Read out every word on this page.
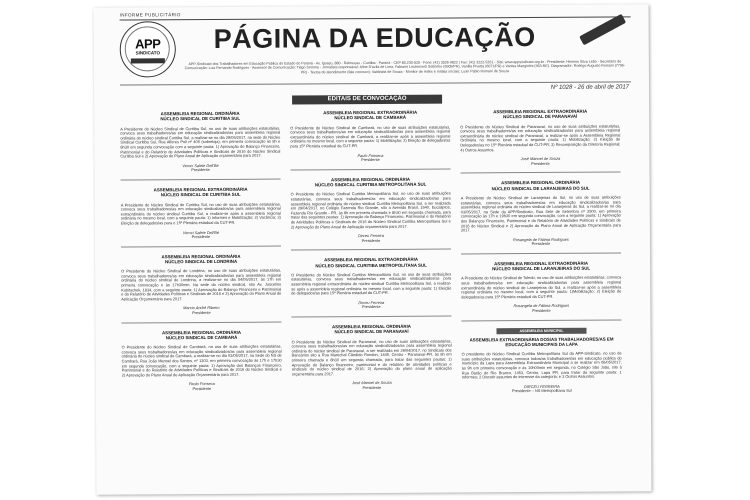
INFORME PUBLICITÁRIO
APP
SINDICATO	PÁGINA DA EDUCAÇÃO
APP-Sindicato dos Trabalhadores em Educação Pública do Estado do Paraná - Av. Iguaçu, 880 - Rebouças - Curitiba - Paraná - CEP 80.230-020 - Fone: (41) 3026-9822 | Fax: (41) 3222-5261 - Site: www.appsindicato.org.br - Presidente: Hermes Silva Leão - Secretário de Comunicação: Luiz Fernando Rodrigues - Assessor de Comunicação: Tiago Somma - Jornalista responsável: Aline D'avila de Lima, Fabiane Leutemonti Sobrinho (6505/PR), Vanilla Pivetta (6071/PR) e Vanisa Mangiolini (963-RE). Diagramador: Rodrigo Augusto Romani (7796-PR) - Textos de atendimento (fale conosco): Valdinéia de Souza - Monitor de redes e mídias sociais: Luan Pablo Romani de Souza
Nº 1028 - 26 de abril de 2017
EDITAIS DE CONVOCAÇÃO
ASSEMBLEIA REGIONAL ORDINÁRIA
NÚCLEO SINDICAL DE CURITIBA SUL

A Presidente do Núcleo Sindical de Curitiba Sul, no uso de suas atribuições estatutárias, convoca seus trabalhadores/as em educação sindicalizados/as para assembleia regional ordinária do núcleo sindical Curitiba Sul, a realizar-se no dia 29/05/2017, na sede do Núcleo Sindical Curitiba Sul, Rua Alferes Poli nº 405 (sobreloja), em primeira convocação às 8h e 8h30 em segunda convocação com a seguinte pauta: 1) Aprovação do Balanço Financeiro, Patrimonial e do Relatório de Atividades Políticas e Sindicais de 2016 do Núcleo Sindical Curitiba Sul e 2) Aprovação do Plano Anual de Aplicação orçamentária para 2017.

Veroci Salete Dell'Bé
Presidente
ASSEMBLEIA REGIONAL EXTRAORDINÁRIA
NÚCLEO SINDICAL DE CURITIBA SUL

A Presidente do Núcleo Sindical de Curitiba Sul, no uso de suas atribuições estatutárias, convoca seus trabalhadores/as em educação sindicalizados/as para assembleia regional extraordinária do núcleo sindical Curitiba Sul, a realizar-se após a assembleia regional ordinária no mesmo local, com a seguinte pauta: 1) Informes e Mobilização; 2) Vacância; 3) Eleição de delegados/as para o 15º Plenária estadual da CUT-PR.

Veroci Salete Dell'Bé
Presidente
ASSEMBLEIA REGIONAL ORDINÁRIA
NÚCLEO SINDICAL DE LONDRINA

O Presidente do Núcleo Sindical de Londrina, no uso de suas atribuições estatutárias, convoca seus trabalhadores/as em educação sindicalizados/as para assembleia regional ordinária do núcleo sindical de Londrina, a realizar-se no dia 04/05/2017, às 17h em primeira convocação e às 17h30min. Na sede do núcleo sindical, sito Av. Juscelino Kubitschek, 1834, com a seguinte pauta: 1) Aprovação do Balanço Financeiro e Patrimonial e do Relatório de Atividades Políticas e Sindicais de 2016 e 2) Aprovação do Plano Anual de Aplicação Orçamentária para 2017.

Marcio André Ribeiro
Presidente
ASSEMBLEIA REGIONAL ORDINÁRIA
NÚCLEO SINDICAL DE CAMBARÁ

O Presidente do Núcleo Sindical de Cambará, no uso de suas atribuições estatutárias, convoca seus trabalhadores/as em educação sindicalizados/as para assembleia regional ordinária do núcleo sindical de Cambará, a realizar-se no dia 03/05/2017, na Sede do NS de Cambará, Rua João Manoel dos Santos, nº 1303, em primeira convocação às 17h e 17h30 em segunda convocação, com a seguinte pauta: 1) Aprovação dos Balanços Financeiro, Patrimonial e do Relatório de Atividades Políticas e Sindicais de 2016 do Núcleo Sindical e 2) Aprovação do Plano Anual de Aplicação Orçamentária para 2017.

Paulo Fonseca
Presidente
ASSEMBLEIA REGIONAL EXTRAORDINÁRIA
NÚCLEO SINDICAL DE CAMBARÁ

O Presidente do Núcleo Sindical de Cambará, no uso de suas atribuições estatutárias, convoca seus trabalhadores/as em educação sindicalizados/as para assembleia regional extraordinária do núcleo sindical de Cambará, a realizar-se após a assembleia regional ordinária no mesmo local, com a seguinte pauta: 1) Mobilização; 2) Eleição de delegados/as para 15º Plenária estadual da CUT-PR.

Paulo Fonseca
Presidente
ASSEMBLEIA REGIONAL ORDINÁRIA
NÚCLEO SINDICAL CURITIBA METROPOLITANA SUL

O Presidente do Núcleo Sindical Curitiba Metropolitana Sul, no uso de suas atribuições estatutárias, convoca seus trabalhadores/as em educação sindicalizados/as para assembleia regional ordinária do núcleo sindical Curitiba Metropolitana Sul, a ser realizada em 29/04/2017, no Colégio Fazenda Rio Grande, sito a Avenida Brasil, 1540, Eucaliptos, Fazenda Rio Grande - PR, às 8h em primeira chamada e 8h30 em segunda chamada, para tratar das seguintes pautas: 1) Aprovação do Balanço Financeiro, Patrimonial e do Relatório de Atividades Políticas e Sindicais de 2016 do Núcleo Sindical Curitiba Metropolitana Sul e 2) Aprovação do Plano Anual de Aplicação orçamentária para 2017.

Dirceu Ferreira
Presidente
ASSEMBLEIA REGIONAL EXTRAORDINÁRIA
NÚCLEO SINDICAL CURITIBA METROPOLITANA SUL

O Presidente do Núcleo Sindical Curitiba Metropolitana Sul, no uso de suas atribuições estatutárias, convoca seus trabalhadores/as em educação sindicalizados/as para assembleia regional extraordinária do núcleo sindical Curitiba Metropolitana Sul, a realizar-se após a assembleia regional ordinária no mesmo local, com a seguinte pauta: 1) Eleição de delegados/as para 15º Plenária estadual da CUT-PR.

Dirceu Ferreira
Presidente
ASSEMBLEIA REGIONAL ORDINÁRIA
NÚCLEO SINDICAL DE PARANAVAÍ

O Presidente do Núcleo Sindical de Paranavaí, no uso de suas atribuições estatutárias, convoca seus trabalhadores/as em educação sindicalizados/as para assembleia regional ordinária do núcleo sindical de Paranavaí, a ser realizada em 29/04/2017, no Sindicato dos Bancários sito a Rua Marechal Cândido Rondon, 1445, Centro - Paranavaí-PR, às 8h em primeira chamada e 8h30 em segunda chamada, para tratar das seguintes pautas: 1) Aprovação do Balanço financeiro, patrimonial e do relatório de atividades políticas e sindicais do núcleo sindical de 2016; 2) Aprovação do plano anual de aplicação orçamentária para 2017.

José Manoel de Souza
Presidente
ASSEMBLEIA REGIONAL EXTRAORDINÁRIA
NÚCLEO SINDICAL DE PARANAVAÍ

O Presidente do Núcleo Sindical de Paranavaí, no uso de suas atribuições estatutárias, convoca seus trabalhadores/as em educação sindicalizados/as para assembleia regional extraordinária do núcleo sindical de Paranavaí, a realizar-se após a Assembleia Regional Ordinária no mesmo local, com a seguinte pauta: 1) Mobilização; 2) Eleição de Delegados/as no 15º Plenária estadual da CUT-PR; 3) Recomposição da Diretoria Regional; 4) Outros Assuntos.

José Manoel de Souza
Presidente
ASSEMBLEIA REGIONAL ORDINÁRIA
NÚCLEO SINDICAL DE LARANJEIRAS DO SUL

A Presidente do Núcleo Sindical de Laranjeiras do Sul, no uso de suas atribuições estatutárias, convoca seus trabalhadores/as em educação sindicalizados/as para assembleia regional ordinária do núcleo sindical de Laranjeiras do Sul, a realizar-se no dia 03/05/2017, na Sede da APP/Sindicato, Rua Sete de Setembro nº 2500, em primeira convocação às 17h e 19h30 em segunda convocação, com a seguinte pauta: 1) Aprovação dos Balanços Financeiro, Patrimonial e do Relatório de Atividades Políticas e Sindicais de 2016 do Núcleo Sindical e 2) Aprovação do Plano Anual de Aplicação Orçamentária para 2017.

Rosangela de Fátima Rodrigues
Presidente
ASSEMBLEIA REGIONAL EXTRAORDINÁRIA
NÚCLEO SINDICAL DE LARANJEIRAS DO SUL

A Presidente do Núcleo Sindical de Toledo, no uso de suas atribuições estatutárias, convoca seus trabalhadores/as em educação sindicalizados/as para assembleia regional extraordinária do núcleo sindical de Laranjeiras do Sul, a realizar-se após a assembleia regional ordinária no mesmo local, com a seguinte pauta: 1)Mobilização; 2) Eleição de delegados/as para 15º Plenária estadual da CUT-PR.

Rosangela de Fátima Rodrigues
Presidente
ASSEMBLEIA MUNICIPAL
ASSEMBLEIA EXTRAORDINÁRIA DOS/AS TRABALHADORES/AS EM
EDUCAÇÃO MUNICIPAIS DA LAPA

O presidente do Núcleo Sindical Curitiba Metropolitana Sul da APP-Sindicato, no uso de suas atribuições estatutárias, convoca todos/as trabalhadores/as em educação pública do município da Lapa para Assembleia Extraordinária Municipal a se realizar em 06/05/2017, às 9h em primeira convocação e às 10h00min em segunda, no Colégio São João, sito à Rua Barão do Rio Branco, 1453, Centro, Lapa PR, para tratar da seguinte pauta: 1 Informes; 2 Discutir assuntos de interesse da categoria; e 3 Outros Assuntos.

DIRCEU FERREIRA
Presidente – NS Metropolitana Sul
